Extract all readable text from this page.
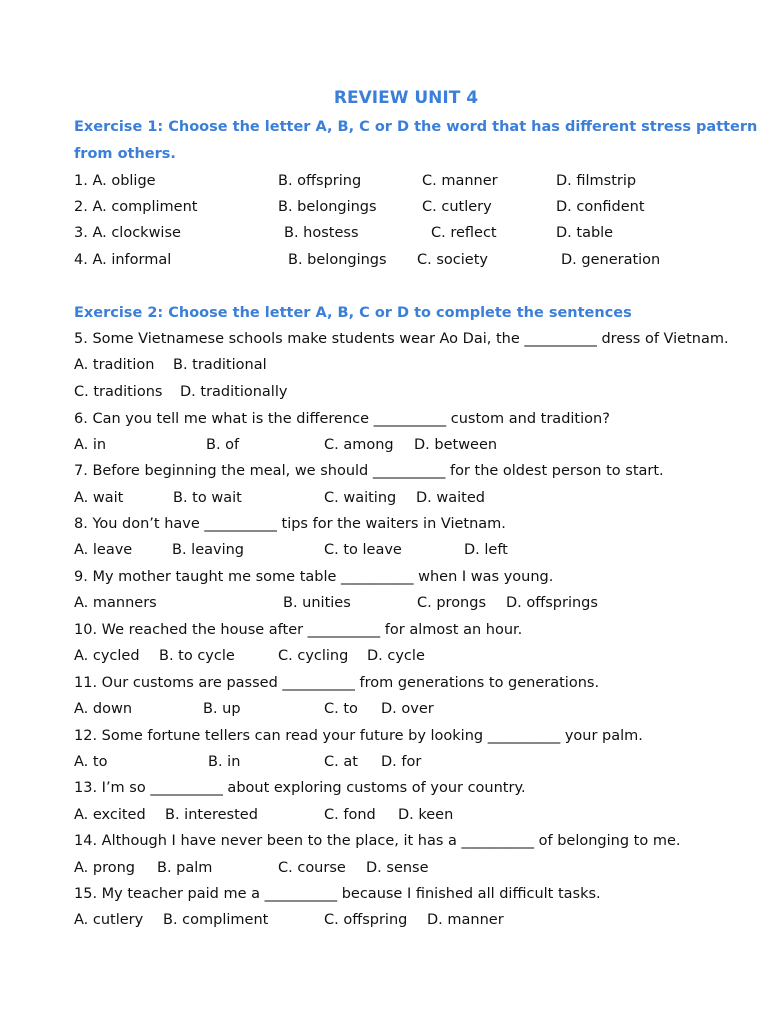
REVIEW UNIT 4
Exercise 1: Choose the letter A, B, C or D the word that has different stress pattern
from others.
1. A. oblige	B. offspring	C. manner	D. filmstrip
2. A. compliment	B. belongings	C. cutlery	D. confident
3. A. clockwise	B. hostess	C. reflect	D. table
4. A. informal	B. belongings C. society	D. generation
Exercise 2: Choose the letter A, B, C or D to complete the sentences
5. Some Vietnamese schools make students wear Ao Dai, the __________ dress of Vietnam.
A. tradition B. traditional
C. traditions D. traditionally
6. Can you tell me what is the difference __________ custom and tradition?
A. in	B. of	C. among D. between
7. Before beginning the meal, we should __________ for the oldest person to start.
A. wait	B. to wait	C. waiting D. waited
8. You don’t have __________ tips for the waiters in Vietnam.
A. leave	B. leaving	C. to leave	D. left
9. My mother taught me some table __________ when I was young.
A. manners	B. unities	C. prongs D. offsprings
10. We reached the house after __________ for almost an hour.
A. cycled B. to cycle	C. cycling D. cycle
11. Our customs are passed __________ from generations to generations.
A. down	B. up	C. to D. over
12. Some fortune tellers can read your future by looking __________ your palm.
A. to	B. in	C. at D. for
13. I’m so __________ about exploring customs of your country.
A. excited B. interested	C. fond D. keen
14. Although I have never been to the place, it has a __________ of belonging to me.
A. prong B. palm	C. course D. sense
15. My teacher paid me a __________ because I finished all difficult tasks.
A. cutlery B. compliment	C. offspring D. manner
